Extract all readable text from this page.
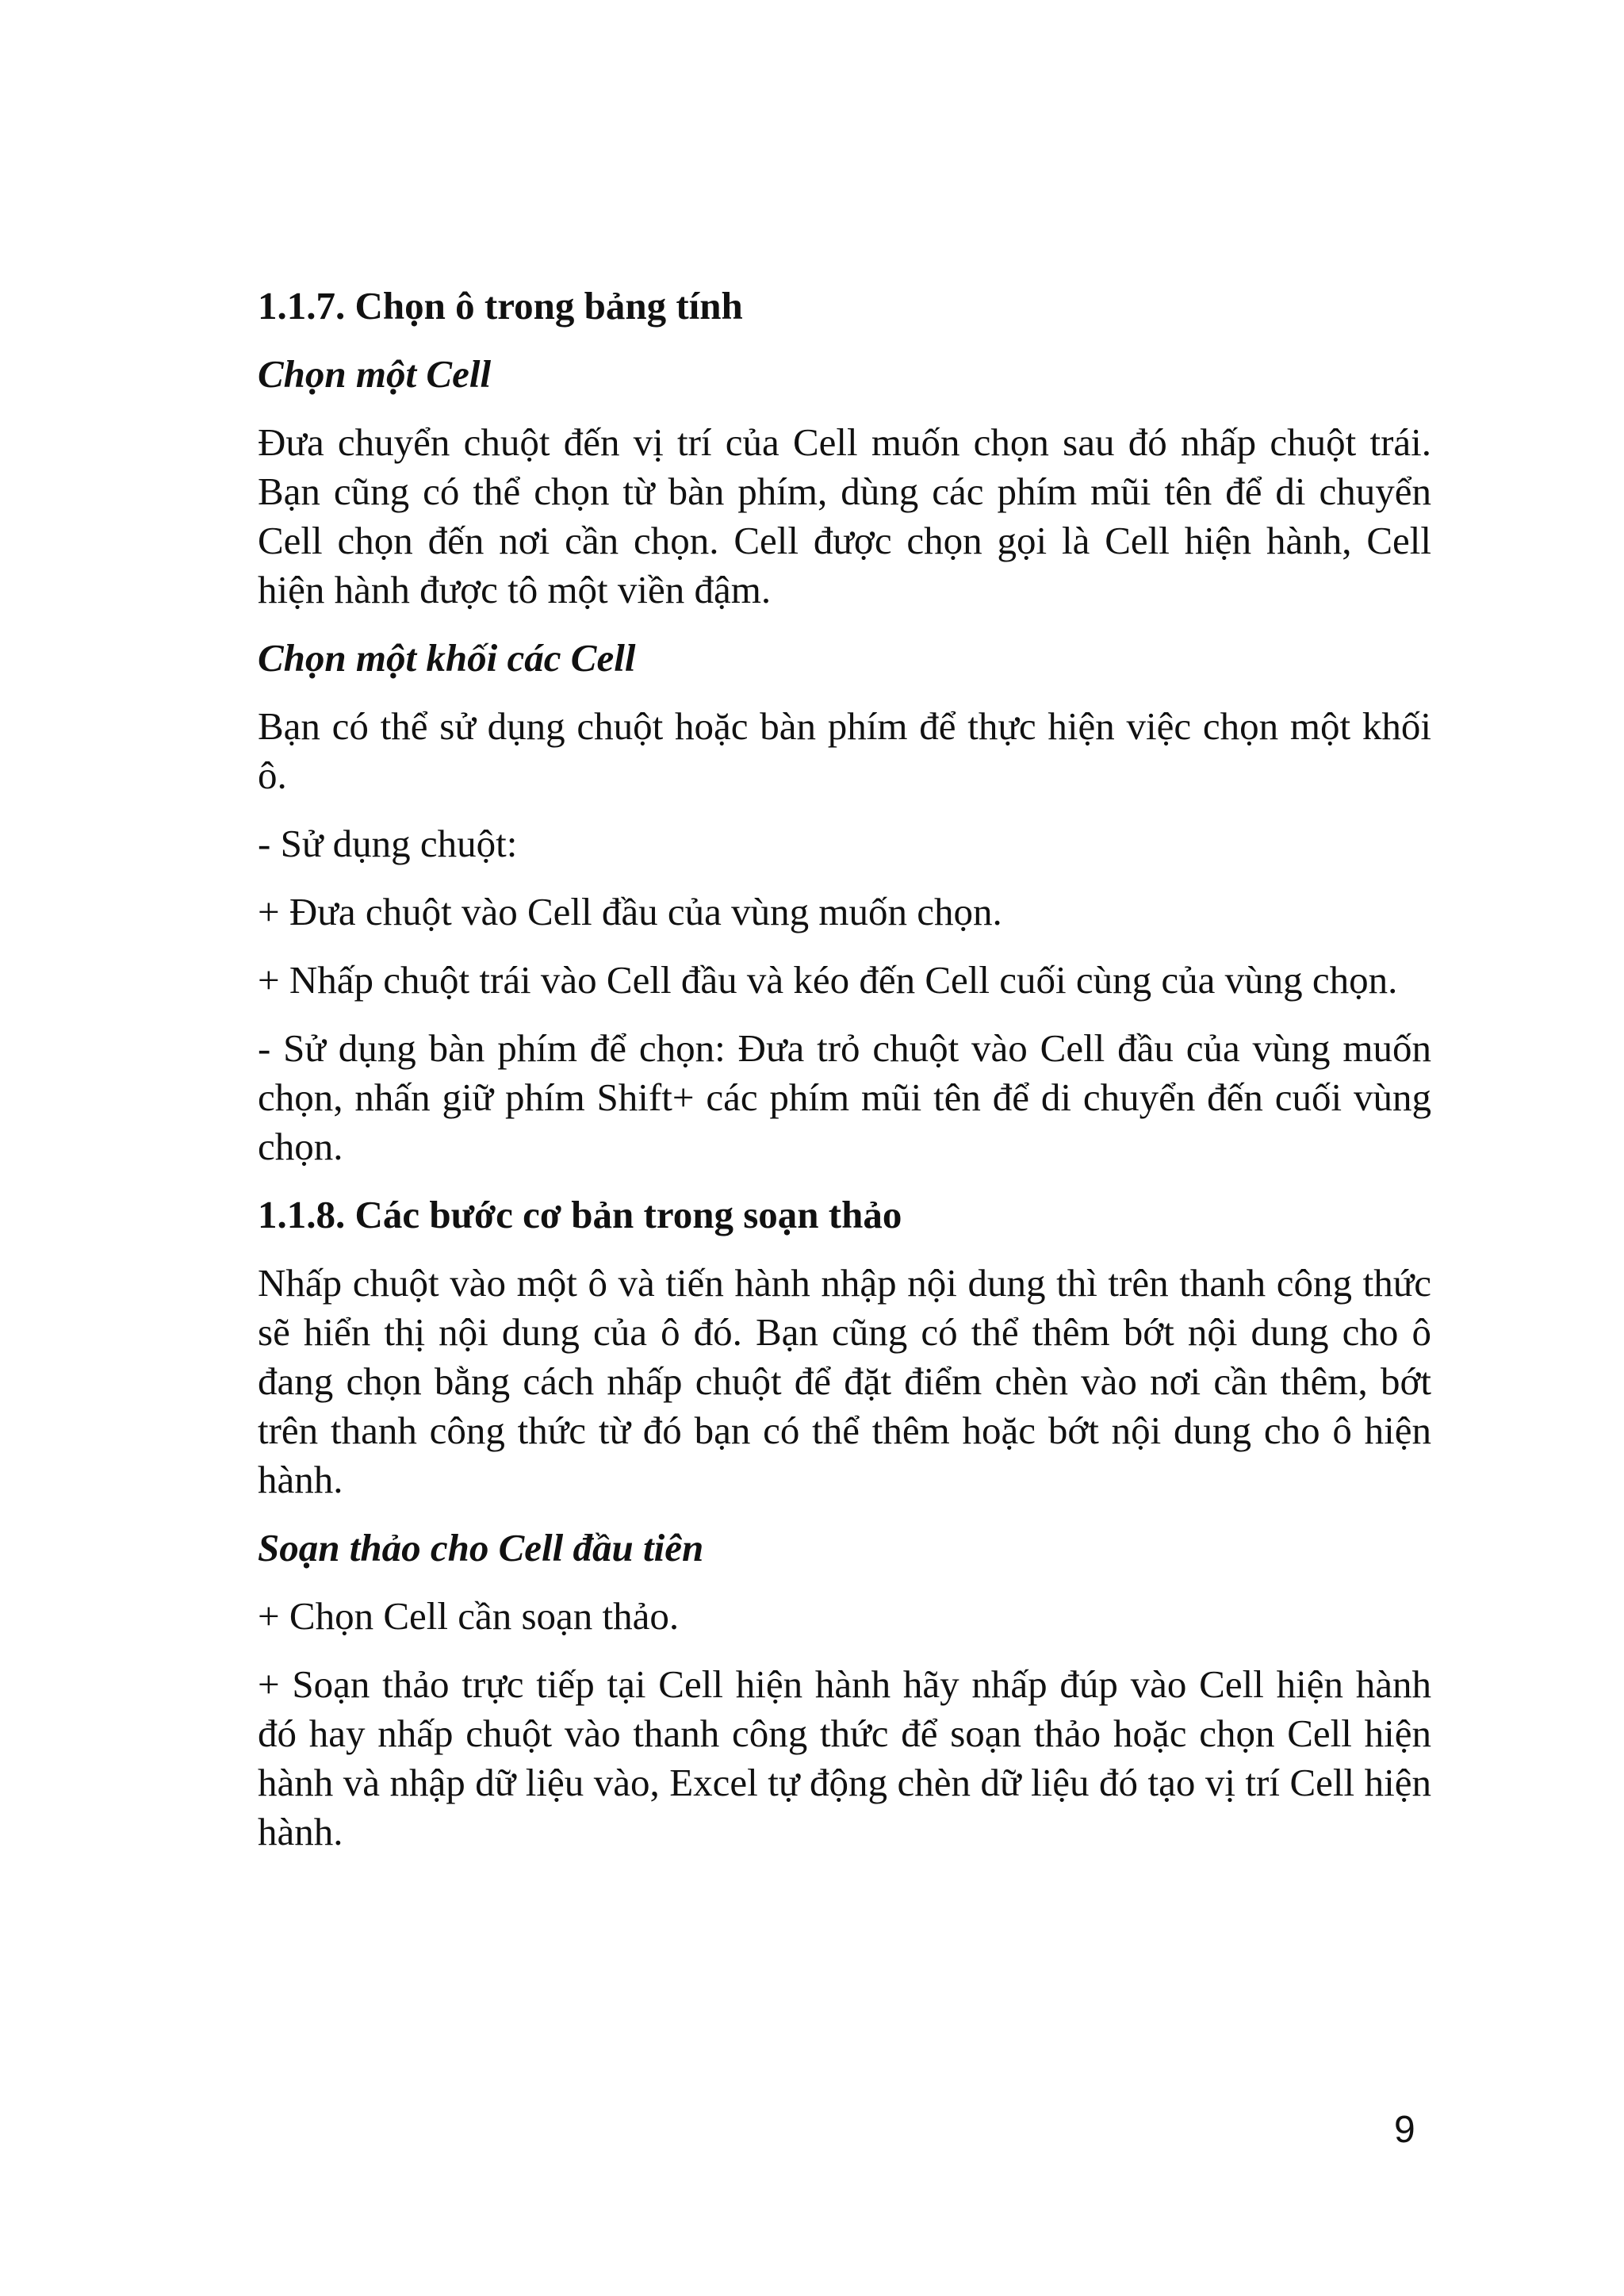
1.1.7. Chọn ô trong bảng tính

Chọn một Cell

Đưa chuyển chuột đến vị trí của Cell muốn chọn sau đó nhấp chuột trái. Bạn cũng có thể chọn từ bàn phím, dùng các phím mũi tên để di chuyển Cell chọn đến nơi cần chọn. Cell được chọn gọi là Cell hiện hành, Cell hiện hành được tô một viền đậm.

Chọn một khối các Cell

Bạn có thể sử dụng chuột hoặc bàn phím để thực hiện việc chọn một khối ô.

- Sử dụng chuột:

+ Đưa chuột vào Cell đầu của vùng muốn chọn.

+ Nhấp chuột trái vào Cell đầu và kéo đến Cell cuối cùng của vùng chọn.

- Sử dụng bàn phím để chọn: Đưa trỏ chuột vào Cell đầu của vùng muốn chọn, nhấn giữ phím Shift+ các phím mũi tên để di chuyển đến cuối vùng chọn.

1.1.8. Các bước cơ bản trong soạn thảo

Nhấp chuột vào một ô và tiến hành nhập nội dung thì trên thanh công thức sẽ hiển thị nội dung của ô đó. Bạn cũng có thể thêm bớt nội dung cho ô đang chọn bằng cách nhấp chuột để đặt điểm chèn vào nơi cần thêm, bớt trên thanh công thức từ đó bạn có thể thêm hoặc bớt nội dung cho ô hiện hành.

Soạn thảo cho Cell đầu tiên

+ Chọn Cell cần soạn thảo.

+ Soạn thảo trực tiếp tại Cell hiện hành hãy nhấp đúp vào Cell hiện hành đó hay nhấp chuột vào thanh công thức để soạn thảo hoặc chọn Cell hiện hành và nhập dữ liệu vào, Excel tự động chèn dữ liệu đó tạo vị trí Cell hiện hành.

9
